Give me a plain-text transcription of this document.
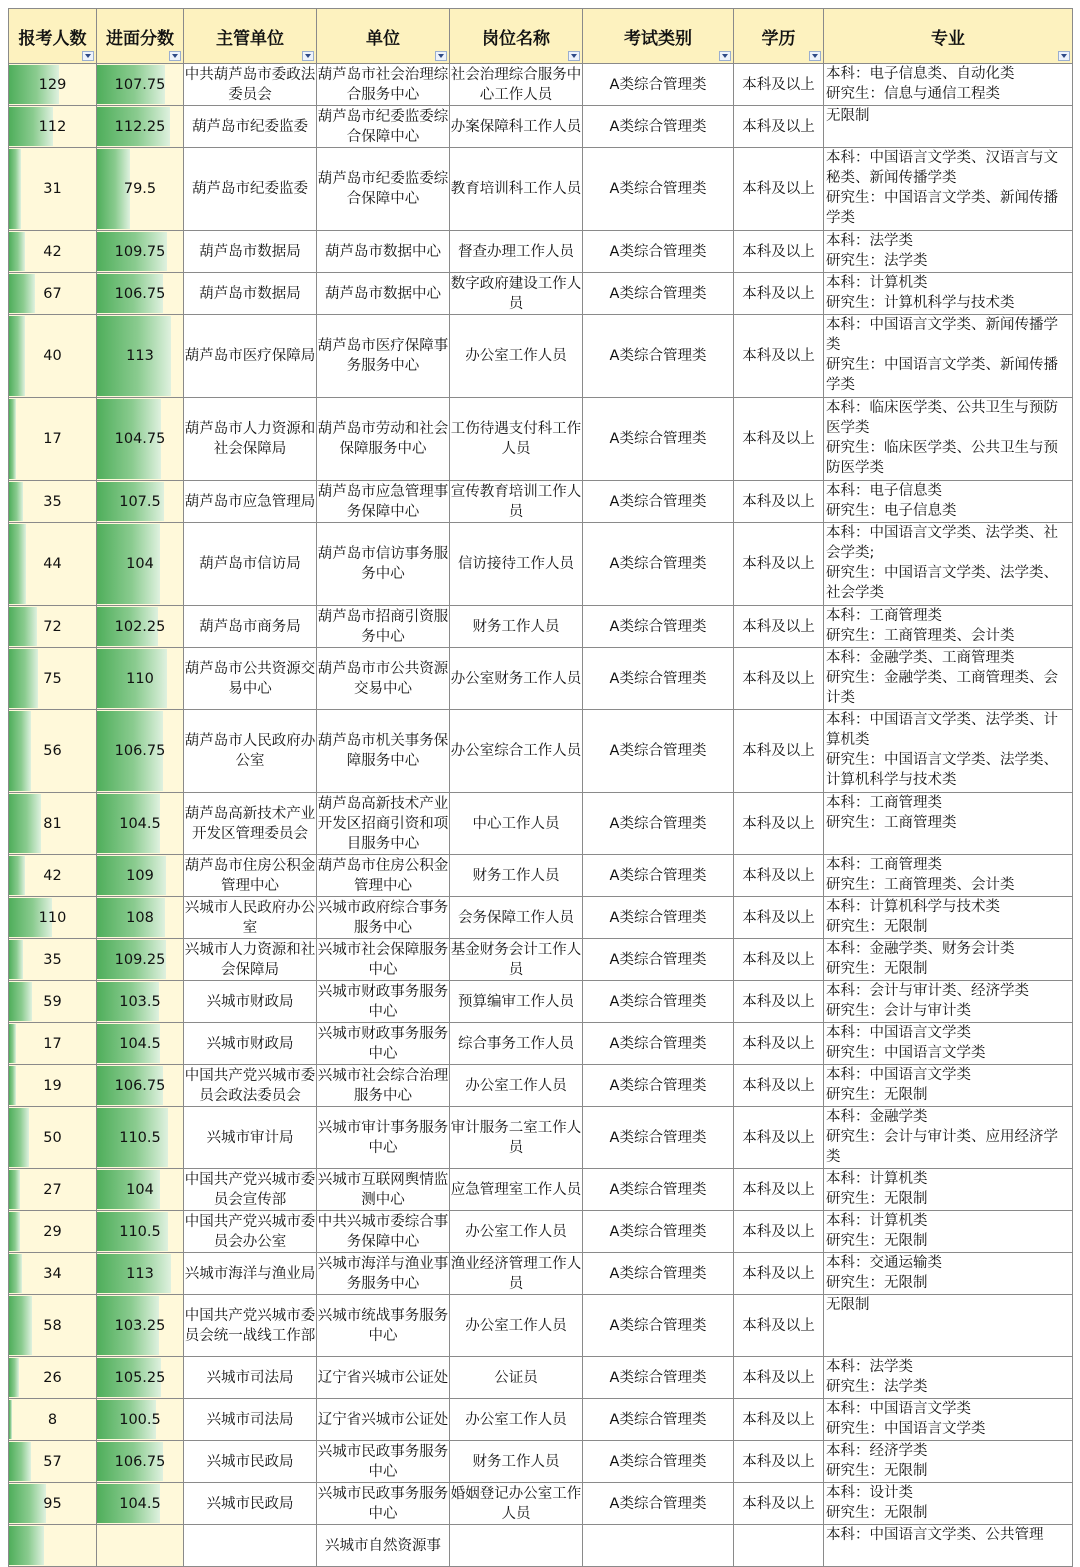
报考人数	进面分数	主管单位	单位	岗位名称	考试类别	学历	专业

129	107.75	中共葫芦岛市委政法委员会	葫芦岛市社会治理综合服务中心	社会治理综合服务中心工作人员	A类综合管理类	本科及以上	本科：电子信息类、自动化类
研究生：信息与通信工程类

112	112.25	葫芦岛市纪委监委	葫芦岛市纪委监委综合保障中心	办案保障科工作人员	A类综合管理类	本科及以上	无限制

31	79.5	葫芦岛市纪委监委	葫芦岛市纪委监委综合保障中心	教育培训科工作人员	A类综合管理类	本科及以上	本科：中国语言文学类、汉语言与文秘类、新闻传播学类
研究生：中国语言文学类、新闻传播学类

42	109.75	葫芦岛市数据局	葫芦岛市数据中心	督查办理工作人员	A类综合管理类	本科及以上	本科：法学类
研究生：法学类

67	106.75	葫芦岛市数据局	葫芦岛市数据中心	数字政府建设工作人员	A类综合管理类	本科及以上	本科：计算机类
研究生：计算机科学与技术类

40	113	葫芦岛市医疗保障局	葫芦岛市医疗保障事务服务中心	办公室工作人员	A类综合管理类	本科及以上	本科：中国语言文学类、新闻传播学类
研究生：中国语言文学类、新闻传播学类

17	104.75	葫芦岛市人力资源和社会保障局	葫芦岛市劳动和社会保障服务中心	工伤待遇支付科工作人员	A类综合管理类	本科及以上	本科：临床医学类、公共卫生与预防医学类
研究生：临床医学类、公共卫生与预防医学类

35	107.5	葫芦岛市应急管理局	葫芦岛市应急管理事务保障中心	宣传教育培训工作人员	A类综合管理类	本科及以上	本科：电子信息类
研究生：电子信息类

44	104	葫芦岛市信访局	葫芦岛市信访事务服务中心	信访接待工作人员	A类综合管理类	本科及以上	本科：中国语言文学类、法学类、社会学类;
研究生：中国语言文学类、法学类、社会学类

72	102.25	葫芦岛市商务局	葫芦岛市招商引资服务中心	财务工作人员	A类综合管理类	本科及以上	本科：工商管理类
研究生：工商管理类、会计类

75	110	葫芦岛市公共资源交易中心	葫芦岛市市公共资源交易中心	办公室财务工作人员	A类综合管理类	本科及以上	本科：金融学类、工商管理类
研究生：金融学类、工商管理类、会计类

56	106.75	葫芦岛市人民政府办公室	葫芦岛市机关事务保障服务中心	办公室综合工作人员	A类综合管理类	本科及以上	本科：中国语言文学类、法学类、计算机类
研究生：中国语言文学类、法学类、计算机科学与技术类

81	104.5	葫芦岛高新技术产业开发区管理委员会	葫芦岛高新技术产业开发区招商引资和项目服务中心	中心工作人员	A类综合管理类	本科及以上	本科：工商管理类
研究生：工商管理类

42	109	葫芦岛市住房公积金管理中心	葫芦岛市住房公积金管理中心	财务工作人员	A类综合管理类	本科及以上	本科：工商管理类
研究生：工商管理类、会计类

110	108	兴城市人民政府办公室	兴城市政府综合事务服务中心	会务保障工作人员	A类综合管理类	本科及以上	本科：计算机科学与技术类
研究生：无限制

35	109.25	兴城市人力资源和社会保障局	兴城市社会保障服务中心	基金财务会计工作人员	A类综合管理类	本科及以上	本科：金融学类、财务会计类
研究生：无限制

59	103.5	兴城市财政局	兴城市财政事务服务中心	预算编审工作人员	A类综合管理类	本科及以上	本科：会计与审计类、经济学类
研究生：会计与审计类

17	104.5	兴城市财政局	兴城市财政事务服务中心	综合事务工作人员	A类综合管理类	本科及以上	本科：中国语言文学类
研究生：中国语言文学类

19	106.75	中国共产党兴城市委员会政法委员会	兴城市社会综合治理服务中心	办公室工作人员	A类综合管理类	本科及以上	本科：中国语言文学类
研究生：无限制

50	110.5	兴城市审计局	兴城市审计事务服务中心	审计服务二室工作人员	A类综合管理类	本科及以上	本科：金融学类
研究生：会计与审计类、应用经济学类

27	104	中国共产党兴城市委员会宣传部	兴城市互联网舆情监测中心	应急管理室工作人员	A类综合管理类	本科及以上	本科：计算机类
研究生：无限制

29	110.5	中国共产党兴城市委员会办公室	中共兴城市委综合事务保障中心	办公室工作人员	A类综合管理类	本科及以上	本科：计算机类
研究生：无限制

34	113	兴城市海洋与渔业局	兴城市海洋与渔业事务服务中心	渔业经济管理工作人员	A类综合管理类	本科及以上	本科：交通运输类
研究生：无限制

58	103.25	中国共产党兴城市委员会统一战线工作部	兴城市统战事务服务中心	办公室工作人员	A类综合管理类	本科及以上	无限制

26	105.25	兴城市司法局	辽宁省兴城市公证处	公证员	A类综合管理类	本科及以上	本科：法学类
研究生：法学类

8	100.5	兴城市司法局	辽宁省兴城市公证处	办公室工作人员	A类综合管理类	本科及以上	本科：中国语言文学类
研究生：中国语言文学类

57	106.75	兴城市民政局	兴城市民政事务服务中心	财务工作人员	A类综合管理类	本科及以上	本科：经济学类
研究生：无限制

95	104.5	兴城市民政局	兴城市民政事务服务中心	婚姻登记办公室工作人员	A类综合管理类	本科及以上	本科：设计类
研究生：无限制

		兴城市自然资源事				本科：中国语言文学类、公共管理
